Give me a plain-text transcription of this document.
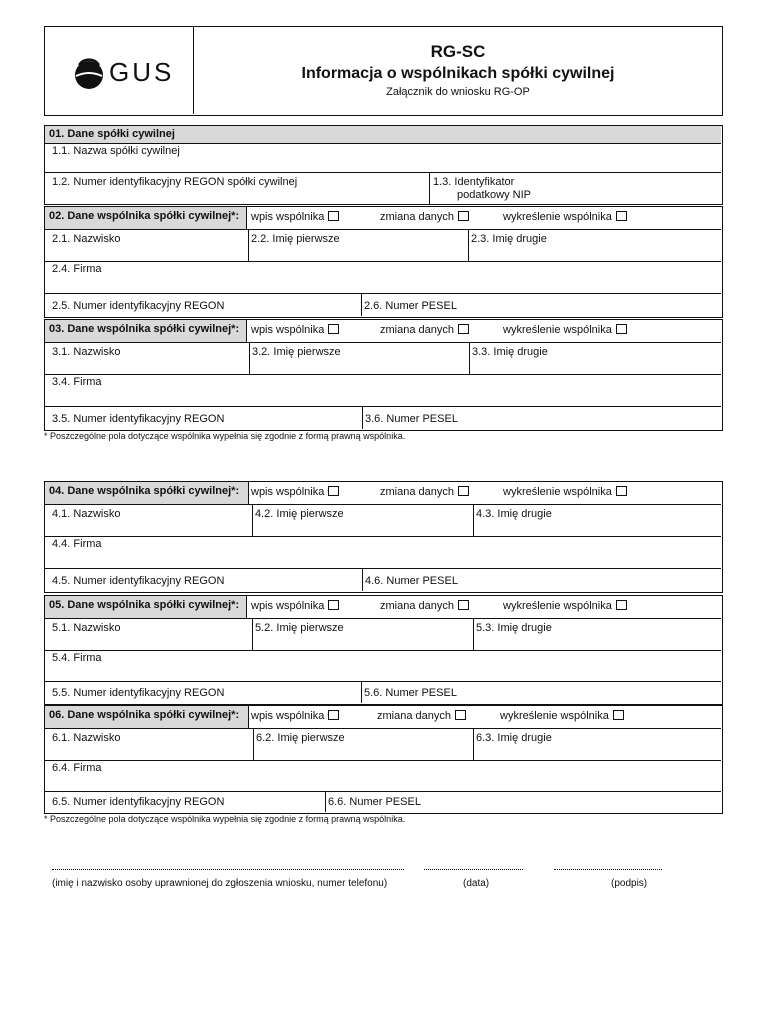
GUS
RG-SC
Informacja o wspólnikach spółki cywilnej
Załącznik do wniosku RG-OP
01. Dane spółki cywilnej
1.1. Nazwa spółki cywilnej
1.2. Numer identyfikacyjny REGON spółki cywilnej	1.3. Identyfikator
podatkowy NIP
02. Dane wspólnika spółki cywilnej*:	wpis wspólnika	zmiana danych	wykreślenie wspólnika
2.1. Nazwisko	2.2. Imię pierwsze	2.3. Imię drugie
2.4. Firma
2.5. Numer identyfikacyjny REGON	2.6. Numer PESEL
03. Dane wspólnika spółki cywilnej*:	wpis wspólnika	zmiana danych	wykreślenie wspólnika
3.1. Nazwisko	3.2. Imię pierwsze	3.3. Imię drugie
3.4. Firma
3.5. Numer identyfikacyjny REGON	3.6. Numer PESEL
04. Dane wspólnika spółki cywilnej*:	wpis wspólnika	zmiana danych	wykreślenie wspólnika
4.1. Nazwisko	4.2. Imię pierwsze	4.3. Imię drugie
4.4. Firma
4.5. Numer identyfikacyjny REGON	4.6. Numer PESEL
05. Dane wspólnika spółki cywilnej*:	wpis wspólnika	zmiana danych	wykreślenie wspólnika
5.1. Nazwisko	5.2. Imię pierwsze	5.3. Imię drugie
5.4. Firma
5.5. Numer identyfikacyjny REGON	5.6. Numer PESEL
06. Dane wspólnika spółki cywilnej*:	wpis wspólnika	zmiana danych	wykreślenie wspólnika
6.1. Nazwisko	6.2. Imię pierwsze	6.3. Imię drugie
6.4. Firma
6.5. Numer identyfikacyjny REGON	6.6. Numer PESEL
* Poszczególne pola dotyczące wspólnika wypełnia się zgodnie z formą prawną wspólnika.
* Poszczególne pola dotyczące wspólnika wypełnia się zgodnie z formą prawną wspólnika.
(imię i nazwisko osoby uprawnionej do zgłoszenia wniosku, numer telefonu)	(data)	(podpis)
